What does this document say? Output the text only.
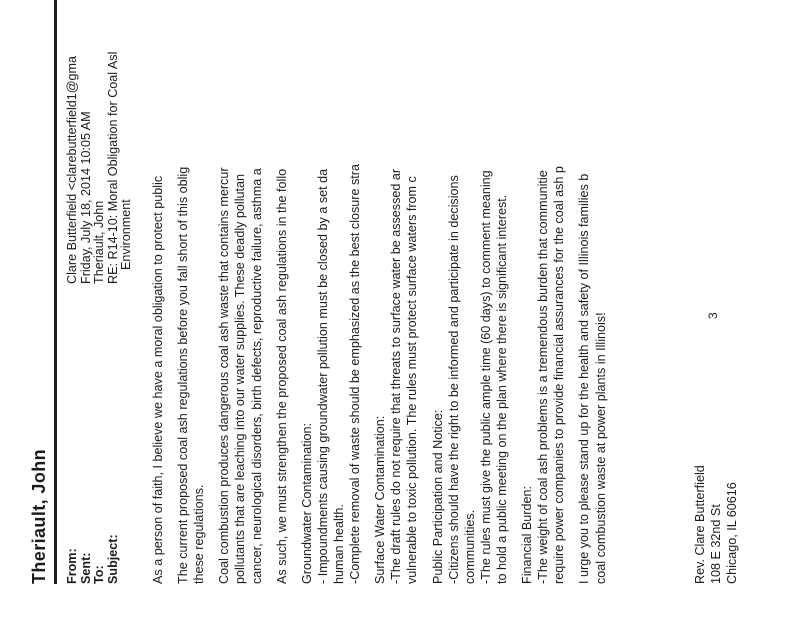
Theriault, John From: Sent: To: Subject:
Clare Butterfield <clarebutterfield1@gma Friday, July 18, 2014 10:05 AM Theriault, John RE: R14-10: Moral Obligation for Coal Asl Environment As a person of faith, I believe we have a moral obligation to protect public The current proposed coal ash regulations before you fall short of this oblig these regulations. Coal combustion produces dangerous coal ash waste that contains mercur pollutants that are leaching into our water supplies. These deadly pollutan cancer, neurological disorders, birth defects, reproductive failure, asthma a As such, we must strengthen the proposed coal ash regulations in the follo Groundwater Contamination: - Impoundments causing groundwater pollution must be closed by a set da human health. -Complete removal of waste should be emphasized as the best closure stra Surface Water Contamination: -The draft rules do not require that threats to surface water be assessed ar vulnerable to toxic pollution. The rules must protect surface waters from c Public Participation and Notice: -Citizens should have the right to be informed and participate in decisions communities. -The rules must give the public ample time (60 days) to comment meaning to hold a public meeting on the plan where there is significant interest. Financial Burden: -The weight of coal ash problems is a tremendous burden that communitie require power companies to provide financial assurances for the coal ash p I urge you to please stand up for the health and safety of Illinois families b coal combustion waste at power plants in Illinois!	Rev. Clare Butterfield 108 E 32nd St Chicago, IL 60616
3
